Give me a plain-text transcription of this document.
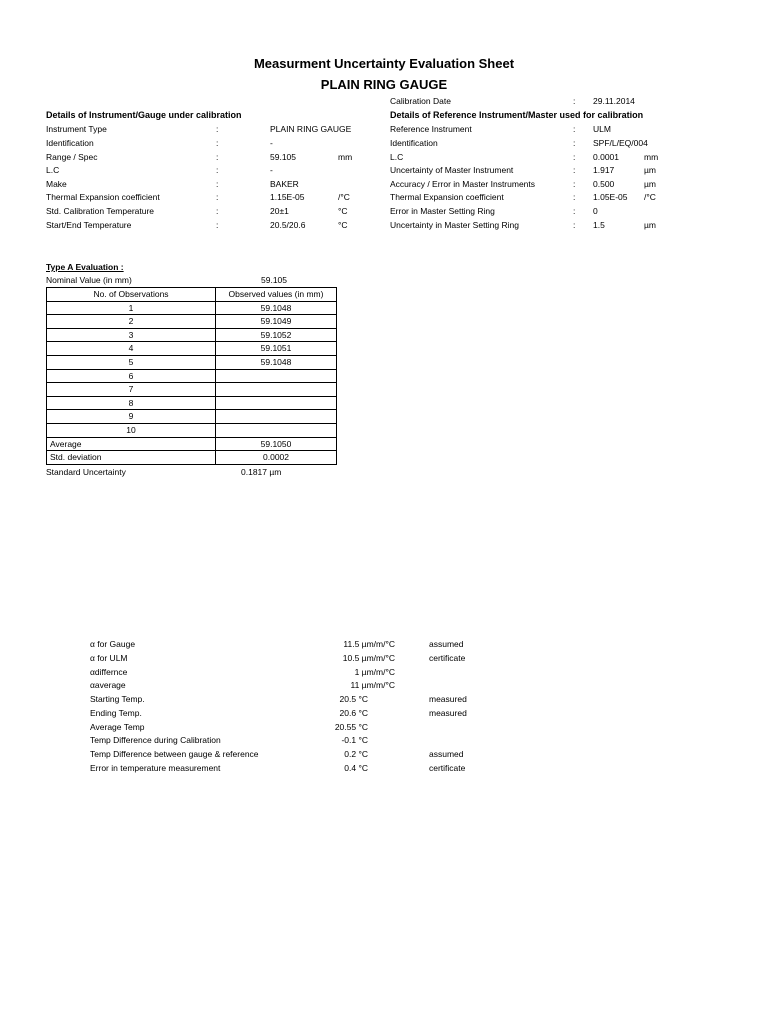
Measurment Uncertainty Evaluation Sheet
PLAIN RING GAUGE
Calibration Date	: 29.11.2014
Details of Instrument/Gauge under calibration	Details of Reference Instrument/Master used for calibration
Instrument Type	:	PLAIN RING GAUGE
Identification	:	-
Range / Spec	:	59.105	mm
L.C	:	-
Make	:	BAKER
Thermal Expansion coefficient	:	1.15E-05	/°C
Std. Calibration Temperature	:	20±1	°C
Start/End Temperature	:	20.5/20.6	°C
Reference Instrument	: ULM
Identification	: SPF/L/EQ/004
L.C	: 0.0001	mm
Uncertainty of Master Instrument	: 1.917	µm
Accuracy / Error in Master Instruments	: 0.500	µm
Thermal Expansion coefficient	: 1.05E-05 /°C
Error in Master Setting Ring	: 0
Uncertainty in Master Setting Ring	: 1.5	µm
Type A Evaluation :
Nominal Value (in mm)	59.105
No. of Observations	Observed values (in mm)
1	59.1048
2	59.1049
3	59.1052
4	59.1051
5	59.1048
6	
7	
8	
9	
10	
Average	59.1050
Std. deviation	0.0002
Standard Uncertainty	0.1817 µm
α for Gauge	11.5 µm/m/°C	assumed
α for ULM	10.5 µm/m/°C	certificate
αdiffernce	1 µm/m/°C
αaverage	11 µm/m/°C
Starting Temp.	20.5 °C	measured
Ending Temp.	20.6 °C	measured
Average Temp	20.55 °C
Temp Difference during Calibration	-0.1 °C
Temp Difference between gauge & reference	0.2 °C	assumed
Error in temperature measurement	0.4 °C	certificate
